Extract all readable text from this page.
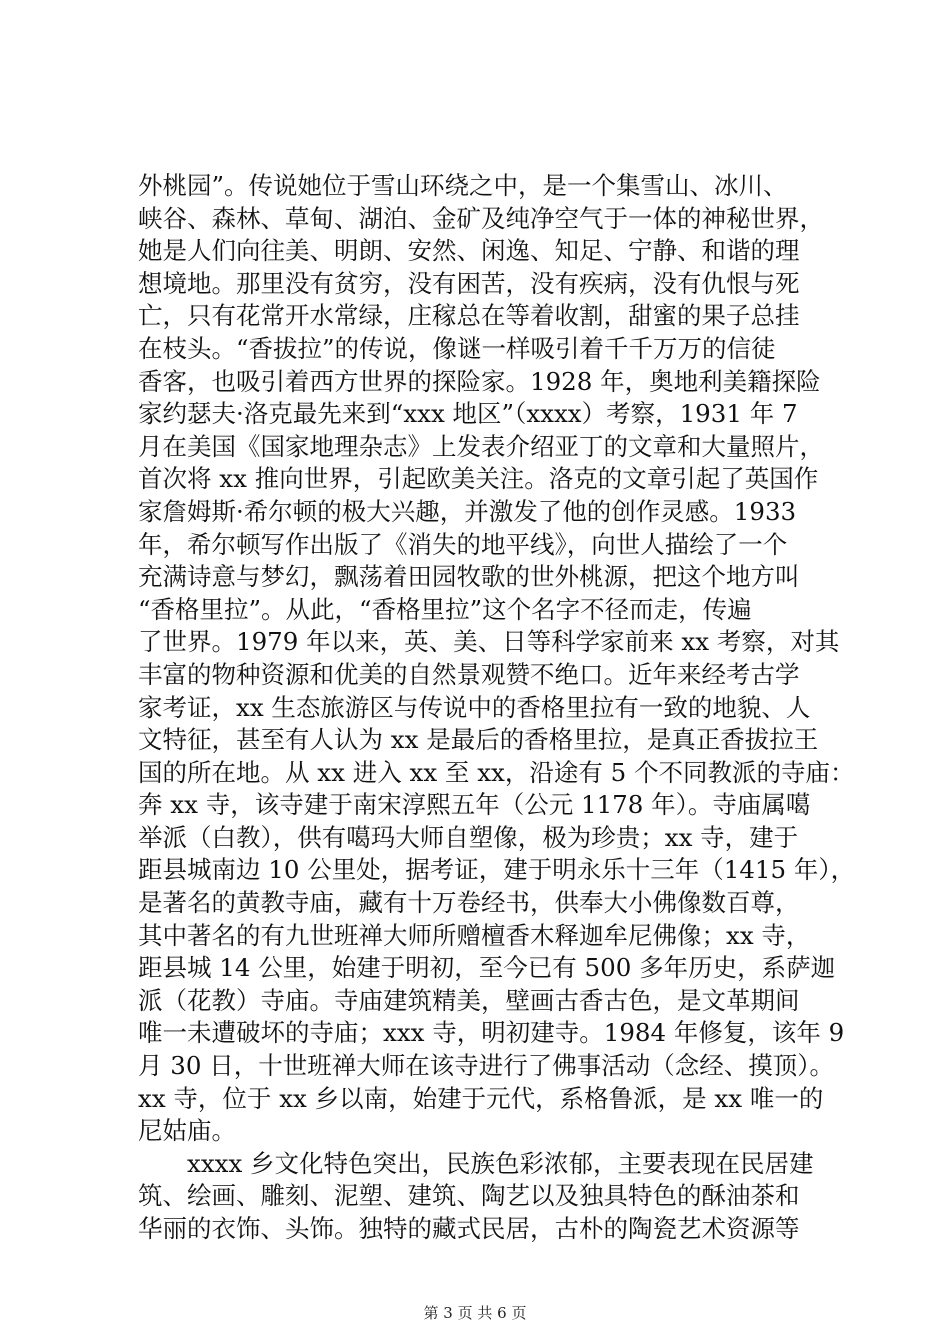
外桃园”。传说她位于雪山环绕之中，是一个集雪山、冰川、
峡谷、森林、草甸、湖泊、金矿及纯净空气于一体的神秘世界，
她是人们向往美、明朗、安然、闲逸、知足、宁静、和谐的理
想境地。那里没有贫穷，没有困苦，没有疾病，没有仇恨与死
亡，只有花常开水常绿，庄稼总在等着收割，甜蜜的果子总挂
在枝头。“香拔拉”的传说，像谜一样吸引着千千万万的信徒
香客，也吸引着西方世界的探险家。1928 年，奥地利美籍探险
家约瑟夫·洛克最先来到“xxx 地区”（xxxx）考察，1931 年 7
月在美国《国家地理杂志》上发表介绍亚丁的文章和大量照片，
首次将 xx 推向世界，引起欧美关注。洛克的文章引起了英国作
家詹姆斯·希尔顿的极大兴趣，并激发了他的创作灵感。1933
年，希尔顿写作出版了《消失的地平线》，向世人描绘了一个
充满诗意与梦幻，飘荡着田园牧歌的世外桃源，把这个地方叫
“香格里拉”。从此，“香格里拉”这个名字不径而走，传遍
了世界。1979 年以来，英、美、日等科学家前来 xx 考察，对其
丰富的物种资源和优美的自然景观赞不绝口。近年来经考古学
家考证，xx 生态旅游区与传说中的香格里拉有一致的地貌、人
文特征，甚至有人认为 xx 是最后的香格里拉，是真正香拔拉王
国的所在地。从 xx 进入 xx 至 xx，沿途有 5 个不同教派的寺庙：
奔 xx 寺，该寺建于南宋淳熙五年（公元 1178 年）。寺庙属噶
举派（白教），供有噶玛大师自塑像，极为珍贵；xx 寺，建于
距县城南边 10 公里处，据考证，建于明永乐十三年（1415 年），
是著名的黄教寺庙，藏有十万卷经书，供奉大小佛像数百尊，
其中著名的有九世班禅大师所赠檀香木释迦牟尼佛像；xx 寺，
距县城 14 公里，始建于明初，至今已有 500 多年历史，系萨迦
派（花教）寺庙。寺庙建筑精美，壁画古香古色，是文革期间
唯一未遭破坏的寺庙；xxx 寺，明初建寺。1984 年修复，该年 9
月 30 日，十世班禅大师在该寺进行了佛事活动（念经、摸顶）。
xx 寺，位于 xx 乡以南，始建于元代，系格鲁派，是 xx 唯一的
尼姑庙。
　　xxxx 乡文化特色突出，民族色彩浓郁，主要表现在民居建
筑、绘画、雕刻、泥塑、建筑、陶艺以及独具特色的酥油茶和
华丽的衣饰、头饰。独特的藏式民居，古朴的陶瓷艺术资源等
第 3 页 共 6 页
